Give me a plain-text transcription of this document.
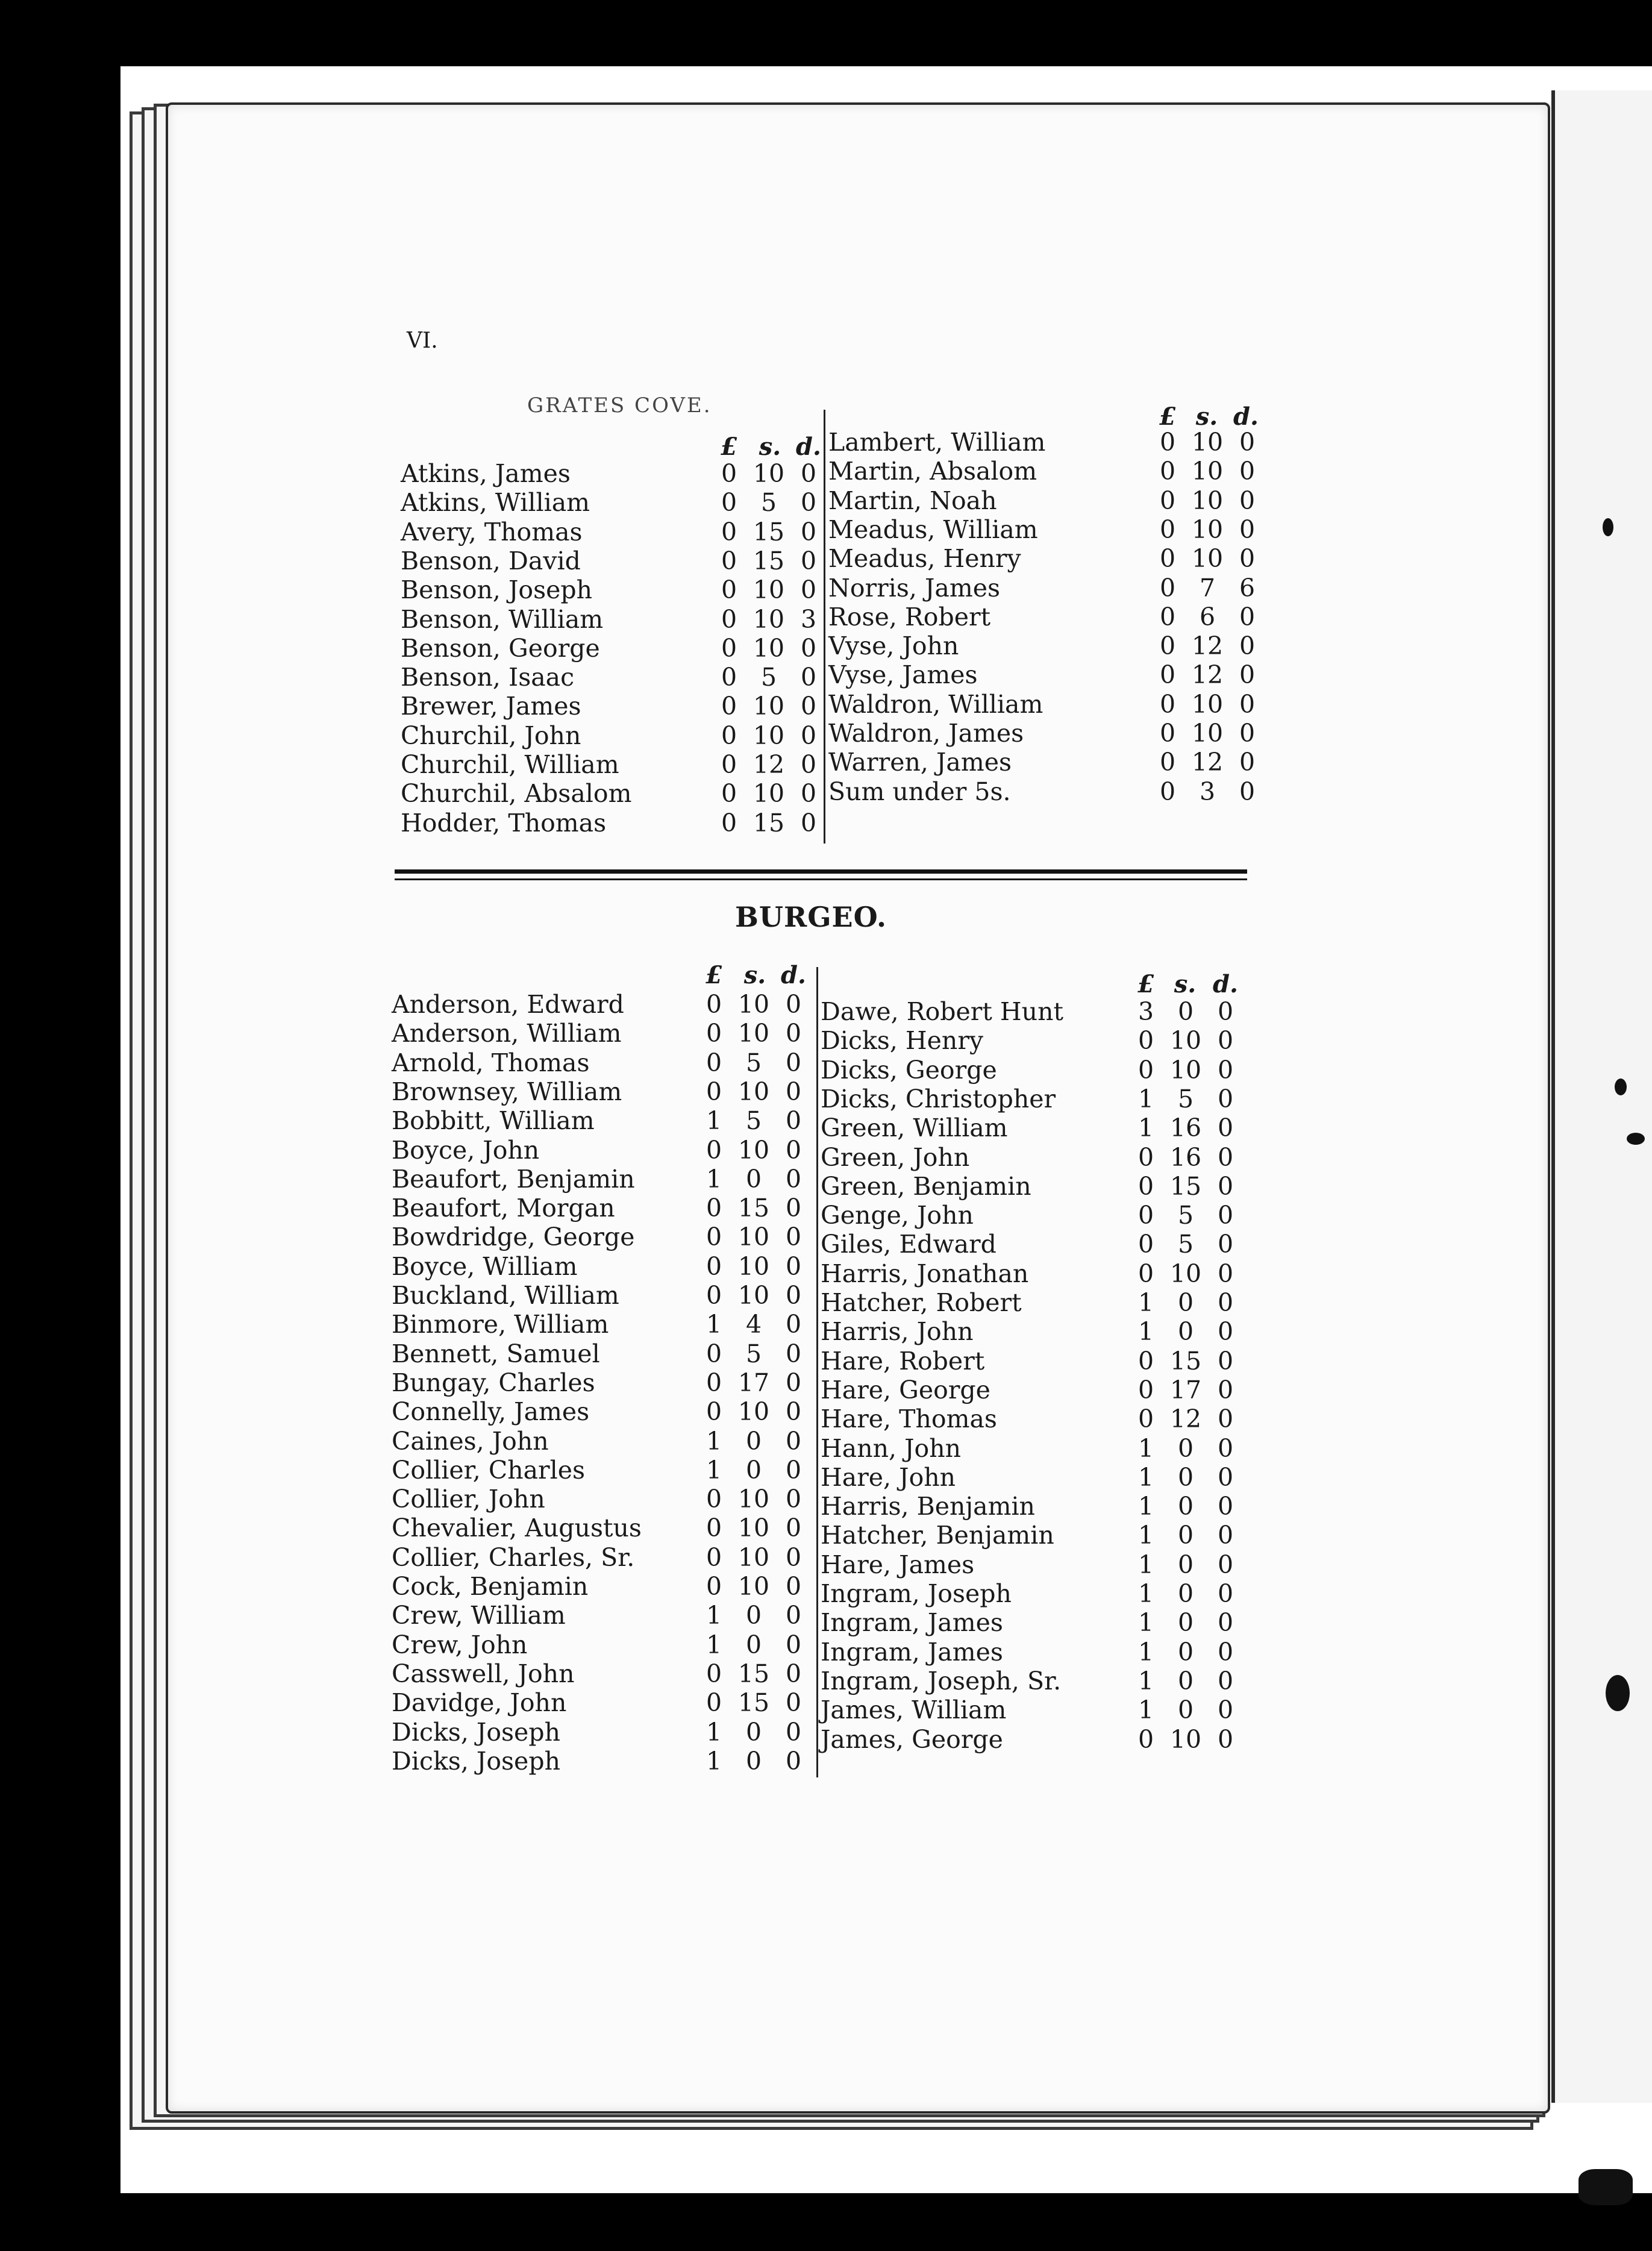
VI.
GRATES COVE.
£ s. d.
£ s. d.
Atkins, James	0 10 0
Atkins, William	0 5 0
Avery, Thomas	0 15 0
Benson, David	0 15 0
Benson, Joseph	0 10 0
Benson, William	0 10 3
Benson, George	0 10 0
Benson, Isaac	0 5 0
Brewer, James	0 10 0
Churchil, John	0 10 0
Churchil, William	0 12 0
Churchil, Absalom	0 10 0
Hodder, Thomas	0 15 0
Lambert, William	0 10 0
Martin, Absalom	0 10 0
Martin, Noah	0 10 0
Meadus, William	0 10 0
Meadus, Henry	0 10 0
Norris, James	0 7 6
Rose, Robert	0 6 0
Vyse, John	0 12 0
Vyse, James	0 12 0
Waldron, William	0 10 0
Waldron, James	0 10 0
Warren, James	0 12 0
Sum under 5s.	0 3 0
BURGEO.
£ s. d.	£ s. d.
Anderson, Edward	0 10 0
Anderson, William	0 10 0
Arnold, Thomas	0 5 0
Brownsey, William	0 10 0
Bobbitt, William	1 5 0
Boyce, John	0 10 0
Beaufort, Benjamin	1 0 0
Beaufort, Morgan	0 15 0
Bowdridge, George	0 10 0
Boyce, William	0 10 0
Buckland, William	0 10 0
Binmore, William	1 4 0
Bennett, Samuel	0 5 0
Bungay, Charles	0 17 0
Connelly, James	0 10 0
Caines, John	1 0 0
Collier, Charles	1 0 0
Collier, John	0 10 0
Chevalier, Augustus	0 10 0
Collier, Charles, Sr.	0 10 0
Cock, Benjamin	0 10 0
Crew, William	1 0 0
Crew, John	1 0 0
Casswell, John	0 15 0
Davidge, John	0 15 0
Dicks, Joseph	1 0 0
Dicks, Joseph	1 0 0
Dawe, Robert Hunt	3 0 0
Dicks, Henry	0 10 0
Dicks, George	0 10 0
Dicks, Christopher	1 5 0
Green, William	1 16 0
Green, John	0 16 0
Green, Benjamin	0 15 0
Genge, John	0 5 0
Giles, Edward	0 5 0
Harris, Jonathan	0 10 0
Hatcher, Robert	1 0 0
Harris, John	1 0 0
Hare, Robert	0 15 0
Hare, George	0 17 0
Hare, Thomas	0 12 0
Hann, John	1 0 0
Hare, John	1 0 0
Harris, Benjamin	1 0 0
Hatcher, Benjamin	1 0 0
Hare, James	1 0 0
Ingram, Joseph	1 0 0
Ingram, James	1 0 0
Ingram, James	1 0 0
Ingram, Joseph, Sr.	1 0 0
James, William	1 0 0
James, George	0 10 0
